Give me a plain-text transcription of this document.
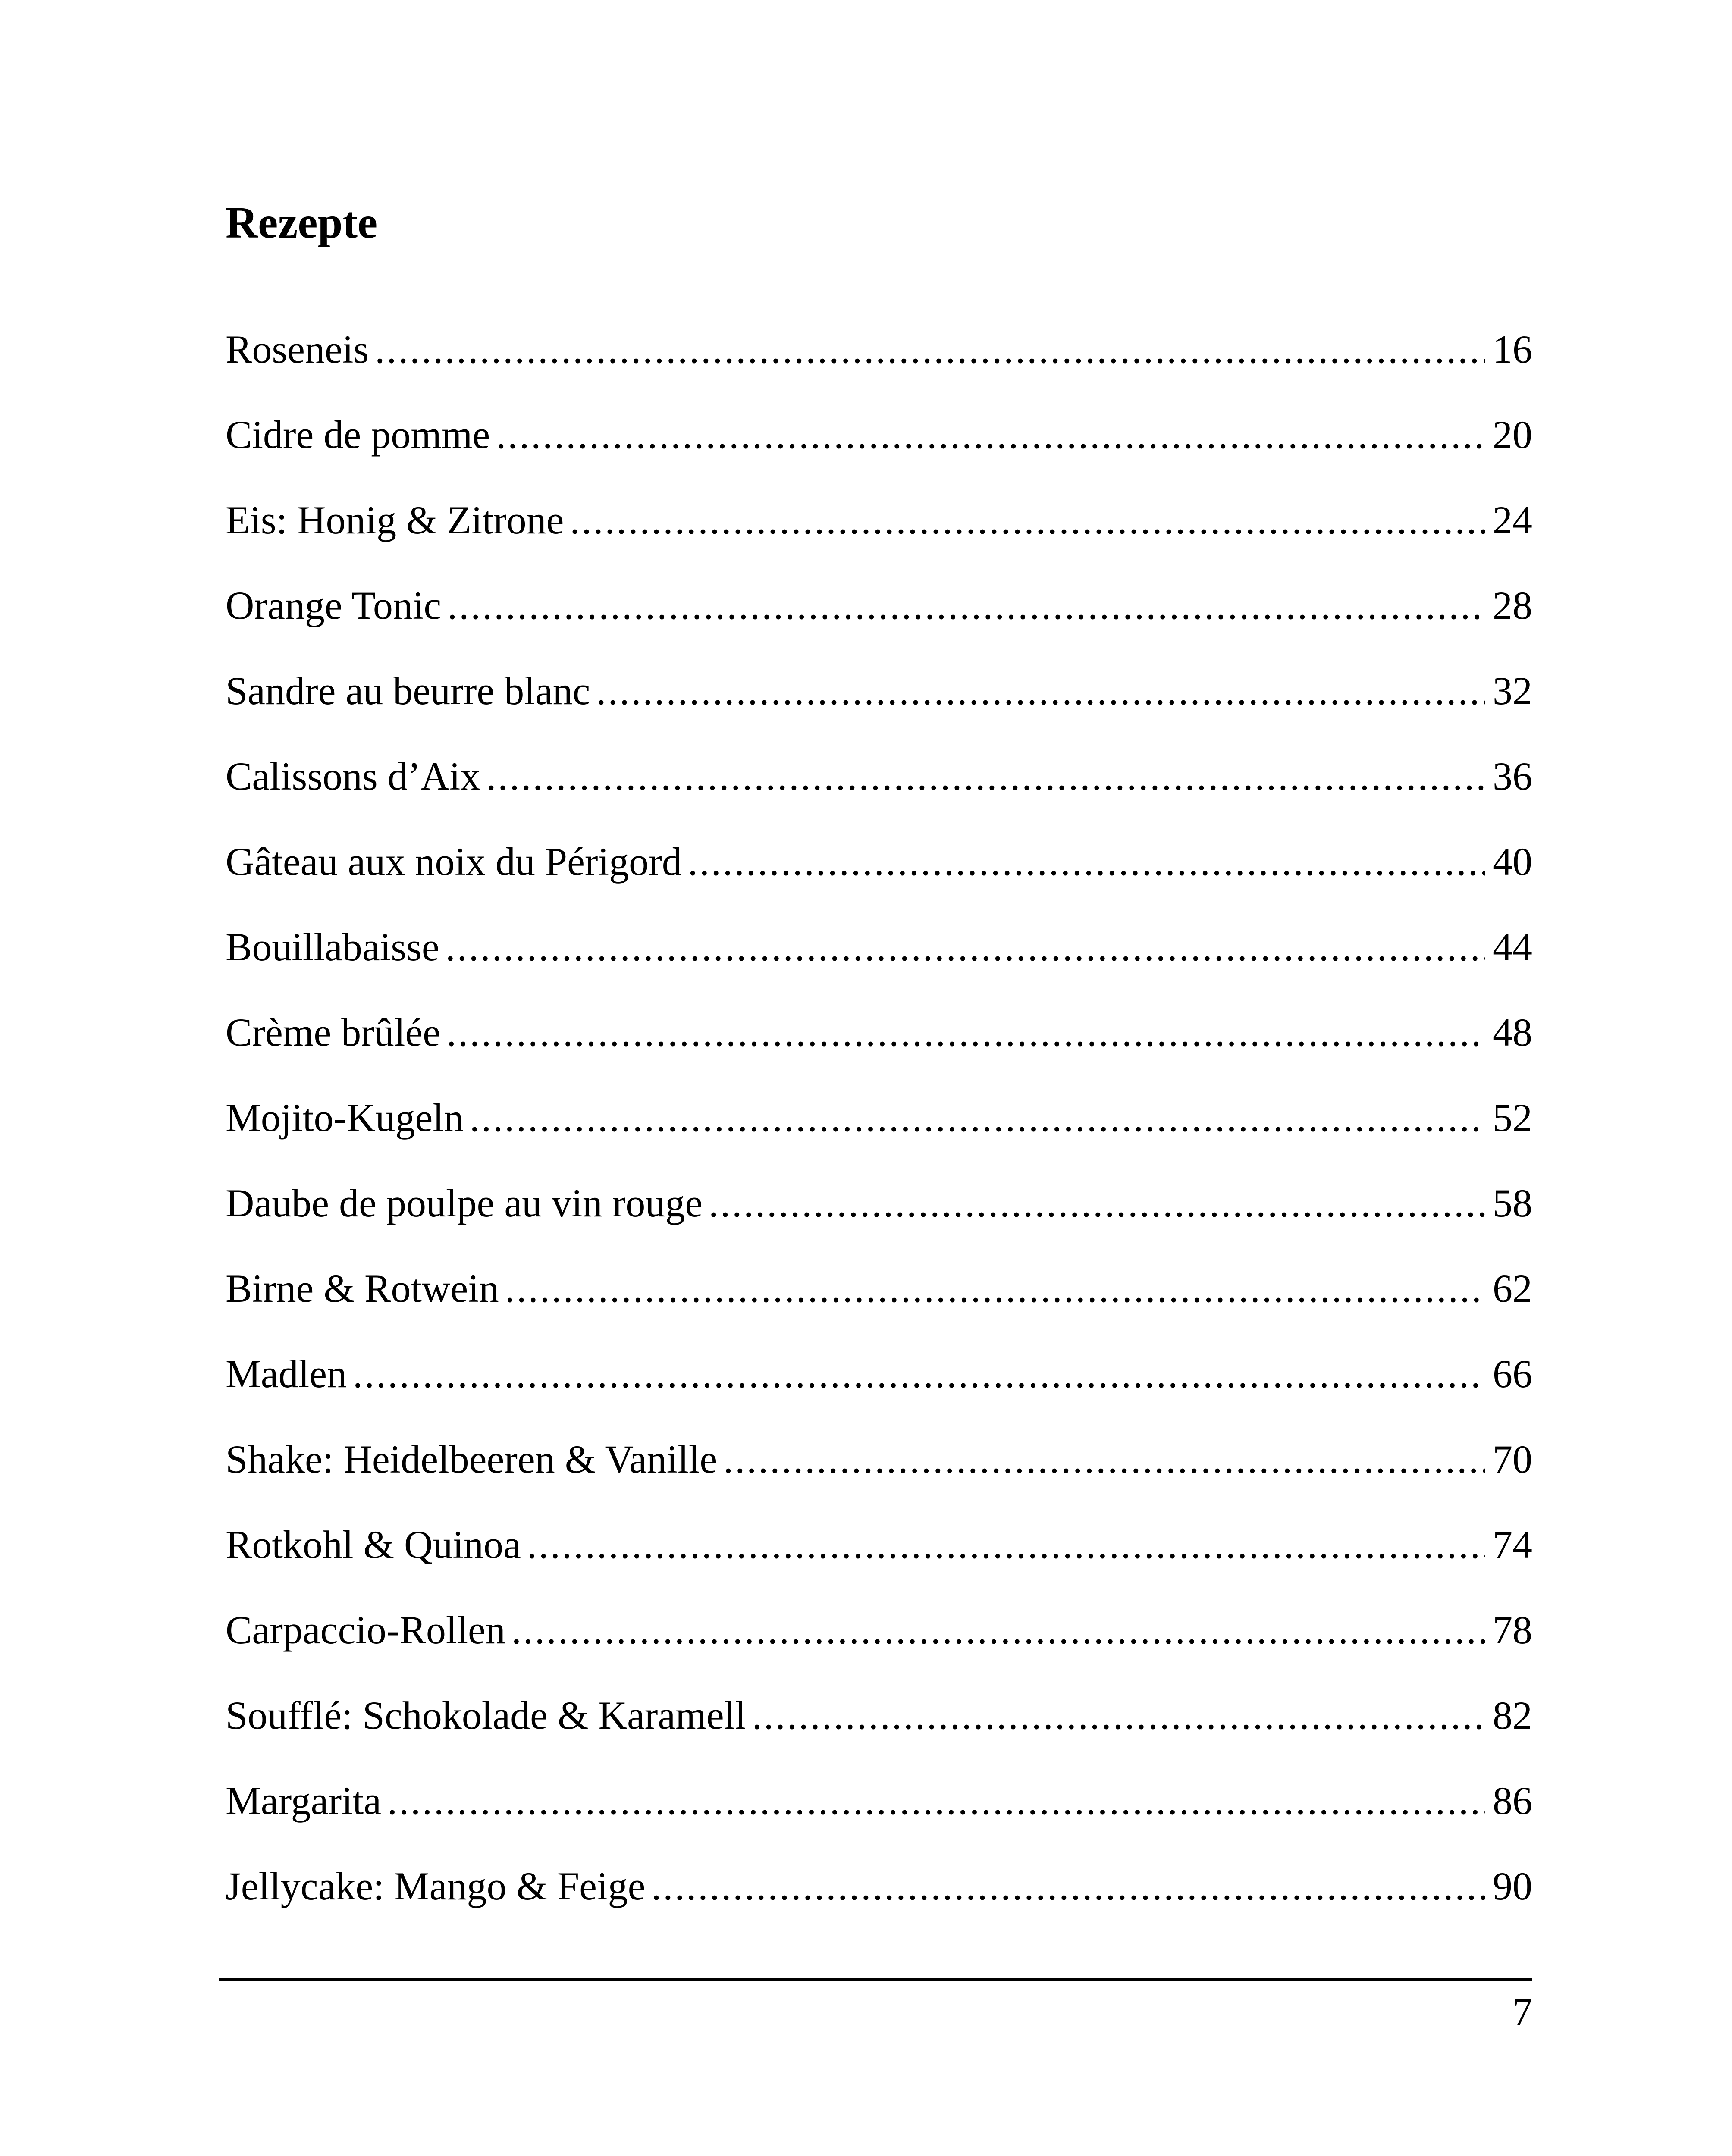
Rezepte
Roseneis .....	16
Cidre de pomme .....	20
Eis: Honig & Zitrone .....	24
Orange Tonic .....	28
Sandre au beurre blanc .....	32
Calissons d’Aix .....	36
Gâteau aux noix du Périgord .....	40
Bouillabaisse .....	44
Crème brûlée .....	48
Mojito-Kugeln .....	52
Daube de poulpe au vin rouge .....	58
Birne & Rotwein .....	62
Madlen .....	66
Shake: Heidelbeeren & Vanille .....	70
Rotkohl & Quinoa .....	74
Carpaccio-Rollen .....	78
Soufflé: Schokolade & Karamell .....	82
Margarita .....	86
Jellycake: Mango & Feige .....	90
7
